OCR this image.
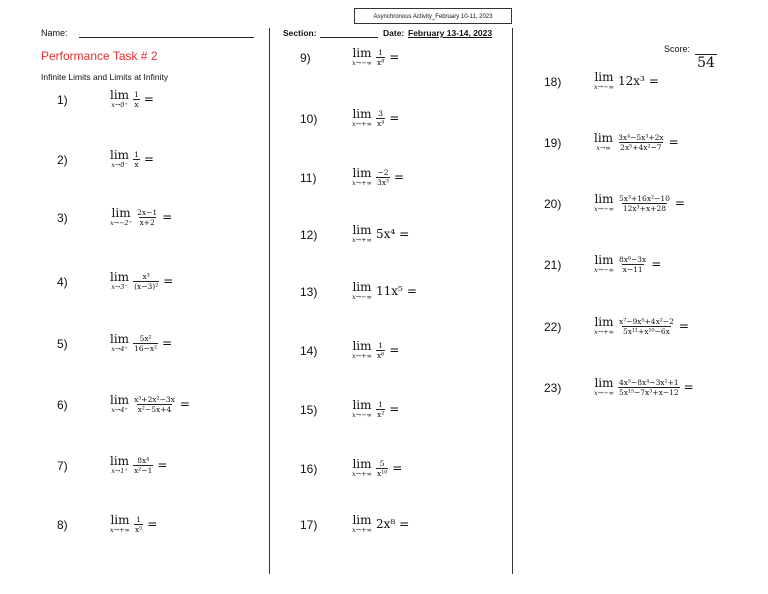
Asynchronous Activity_February 10-11, 2023
Name:
Performance Task # 2
Infinite Limits and Limits at Infinity
Section:	Date: February 13-14, 2023
Score:
54
1)	lim
$x\to 0^+ \frac{1}{x}$ =
2)	lim
$x\to 0^- \frac{1}{x}$ =
3)	lim
$x\to-2^+ \frac{2x-1}{x+2}$ =
4)	lim
$x\to 3^- \frac{\text{x³}}{\text{(x−3)²}}$ =
5)	lim
$x\to 4^+ \frac{\text{5x²}}{\text{16−x²}}$ =
6)	lim
$x\to 4^+ \frac{\text{x³+2x²−3x}}{\text{x²−5x+4}}$ =
7)	lim
$x\to 1^+ \frac{\text{8x⁴}}{\text{x²−1}}$ =
8)	lim
$x\to+\infty \frac{1}{\text{x⁵}}$ =
9)	lim
$x\to-\infty \frac{1}{\text{x⁸}}$ =
10)	lim
$x\to+\infty \frac{3}{\text{x⁴}}$ =
11)	lim
$x\to+\infty \frac{-2}{\text{3x³}}$ =
12)	lim
x→+∞ 5x⁴ =
13)	lim
x→−∞ 11x⁵ =
14)	lim
$x\to+\infty \frac{1}{\text{x⁶}}$ =
15)	lim
$x\to-\infty \frac{1}{\text{x²}}$ =
16)	lim
$x\to+\infty \frac{5}{\text{x¹⁰}}$ =
17)	lim
x→+∞ 2x⁸ =
18)	lim
x→−∞ 12x³ =
19)	lim
$x\to\infty \frac{\text{3x⁴−5x³+2x}}{\text{2x⁵+4x²−7}}$ =
20)	lim
$x\to-\infty \frac{\text{5x³+16x²−10}}{\text{12x³+x+28}}$ =
21)	lim
$x\to-\infty \frac{\text{8x⁶−3x}}{x-11}$ =
22)	lim
$x\to+\infty \frac{\text{x⁷−9x⁵+4x²−2}}{\text{5x¹¹+x¹⁰−6x}}$ =
23)	lim
$x\to-\infty \frac{\text{4x⁵−8x⁴−3x²+1}}{\text{5x¹⁵−7x³+x−12}}$ =
